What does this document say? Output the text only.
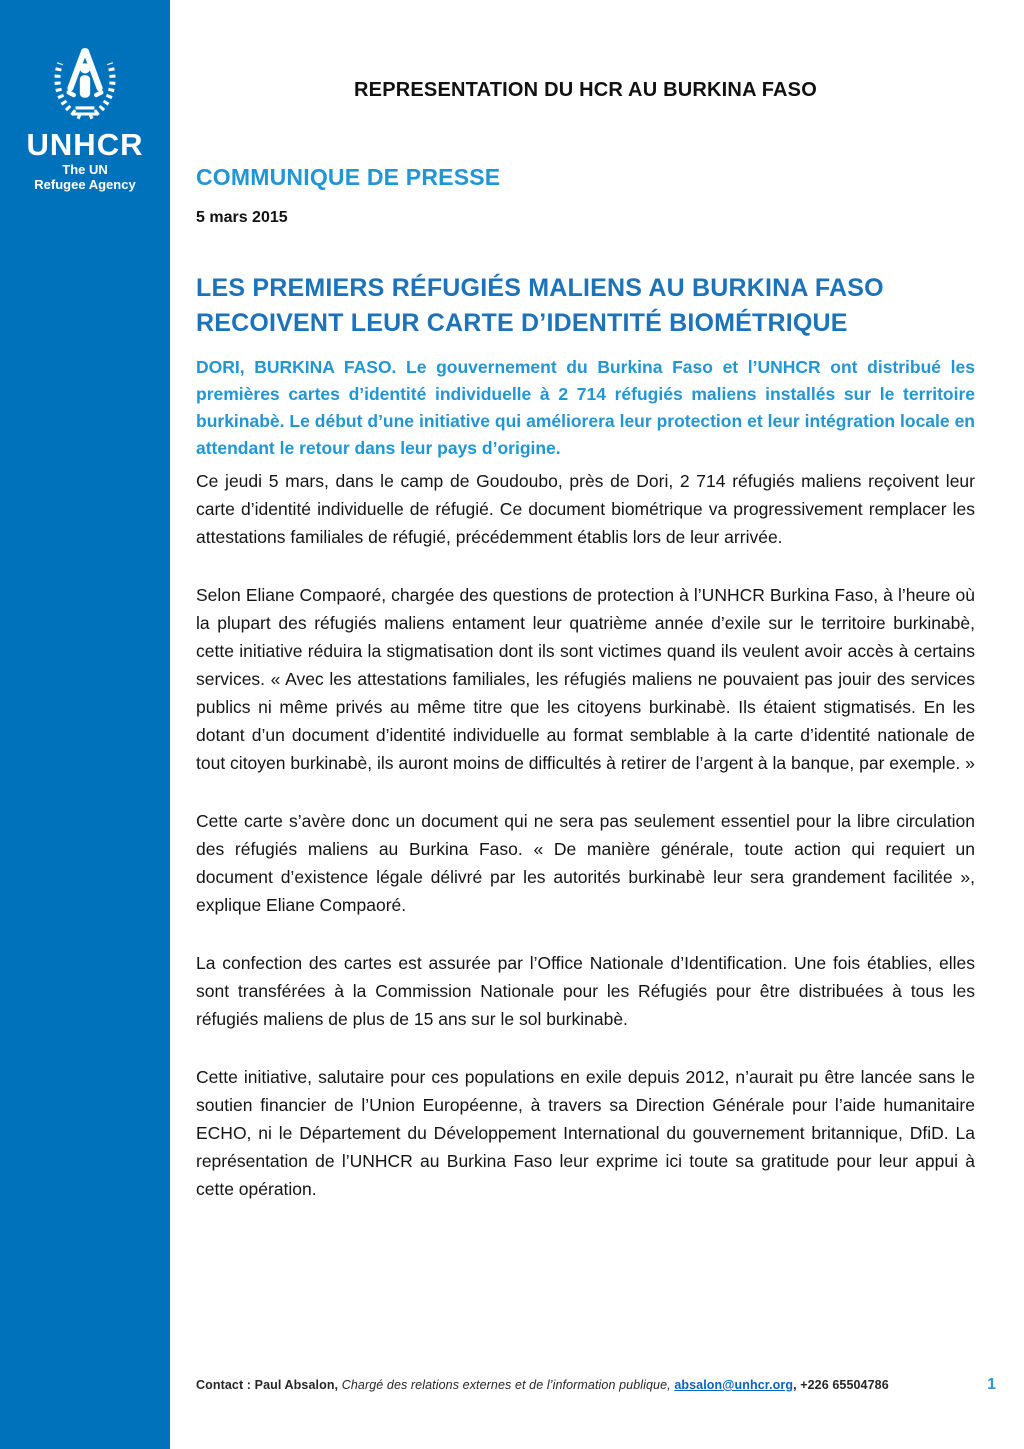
UNHCR
The UN
Refugee Agency
REPRESENTATION DU HCR AU BURKINA FASO
COMMUNIQUE DE PRESSE
5 mars 2015
LES PREMIERS RÉFUGIÉS MALIENS AU BURKINA FASO
RECOIVENT LEUR CARTE D’IDENTITÉ BIOMÉTRIQUE

DORI, BURKINA FASO. Le gouvernement du Burkina Faso et l’UNHCR ont distribué les premières cartes d’identité individuelle à 2 714 réfugiés maliens installés sur le territoire burkinabè. Le début d’une initiative qui améliorera leur protection et leur intégration locale en attendant le retour dans leur pays d’origine.

Ce jeudi 5 mars, dans le camp de Goudoubo, près de Dori, 2 714 réfugiés maliens reçoivent leur carte d’identité individuelle de réfugié. Ce document biométrique va progressivement remplacer les attestations familiales de réfugié, précédemment établis lors de leur arrivée.

Selon Eliane Compaoré, chargée des questions de protection à l’UNHCR Burkina Faso, à l’heure où la plupart des réfugiés maliens entament leur quatrième année d’exile sur le territoire burkinabè, cette initiative réduira la stigmatisation dont ils sont victimes quand ils veulent avoir accès à certains services. « Avec les attestations familiales, les réfugiés maliens ne pouvaient pas jouir des services publics ni même privés au même titre que les citoyens burkinabè. Ils étaient stigmatisés. En les dotant d’un document d’identité individuelle au format semblable à la carte d’identité nationale de tout citoyen burkinabè, ils auront moins de difficultés à retirer de l’argent à la banque, par exemple. »

Cette carte s’avère donc un document qui ne sera pas seulement essentiel pour la libre circulation des réfugiés maliens au Burkina Faso. « De manière générale, toute action qui requiert un document d’existence légale délivré par les autorités burkinabè leur sera grandement facilitée », explique Eliane Compaoré.

La confection des cartes est assurée par l’Office Nationale d’Identification. Une fois établies, elles sont transférées à la Commission Nationale pour les Réfugiés pour être distribuées à tous les réfugiés maliens de plus de 15 ans sur le sol burkinabè.

Cette initiative, salutaire pour ces populations en exile depuis 2012, n’aurait pu être lancée sans le soutien financier de l’Union Européenne, à travers sa Direction Générale pour l’aide humanitaire ECHO, ni le Département du Développement International du gouvernement britannique, DfiD. La représentation de l’UNHCR au Burkina Faso leur exprime ici toute sa gratitude pour leur appui à cette opération.

Contact : Paul Absalon, Chargé des relations externes et de l’information publique, absalon@unhcr.org, +226 65504786	1
